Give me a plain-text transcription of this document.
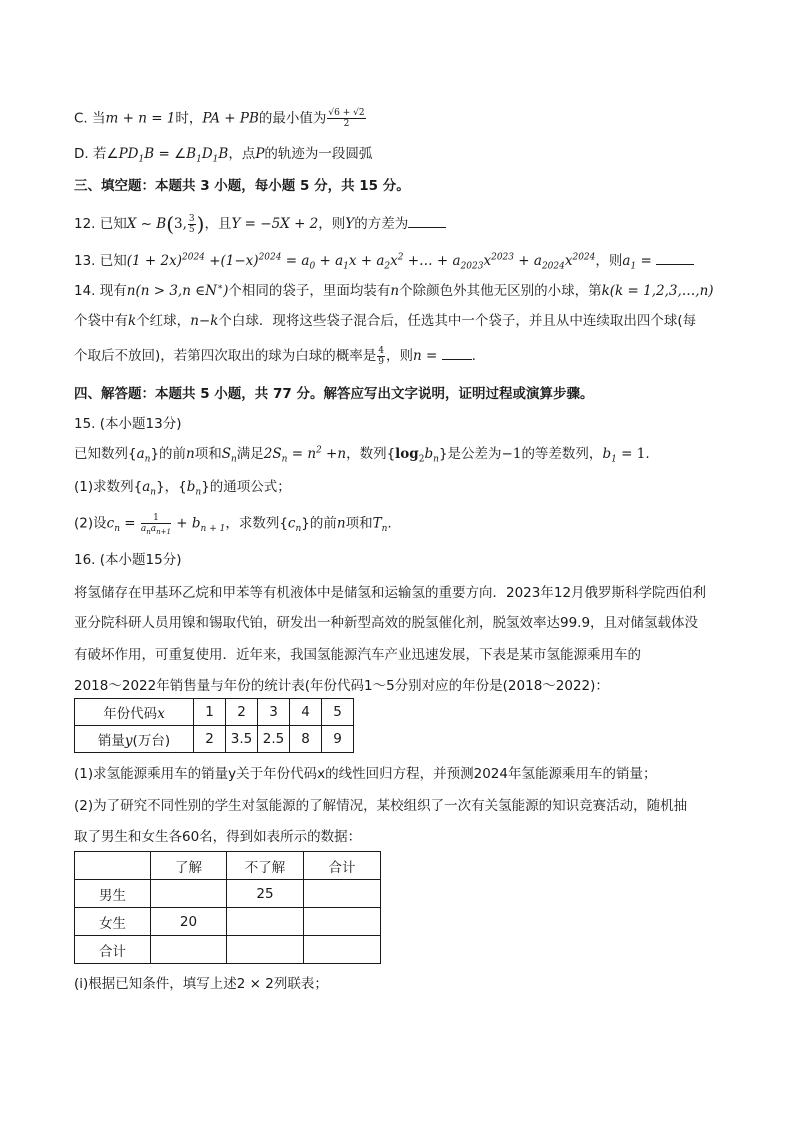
C. 当m + n = 1时，PA + PB的最小值为 $\frac{√6 + √2}{2}$
D. 若$\angle PD_1B$ = $\angle B_1D_1B$，点P的轨迹为一段圆弧
三、填空题：本题共 3 小题，每小题 5 分，共 15 分。
12. 已知X ~ B(3, $\frac{3}{5}$ )，且Y = −5X + 2，则Y的方差为
13. 已知$(1 + 2x)^{2024} +(1-x)^{2024} = a_0 + a_1x + a_2x^2$ +… + $a_{2023}x^{2023} + a_{2024}x^{2024}$，则$a_1$ =
14. 现有n(n > 3,n ∈N∗)个相同的袋子，里面均装有n个除颜色外其他无区别的小球，第k(k = 1,2,3,…,n)
个袋中有k个红球，n−k个白球．现将这些袋子混合后，任选其中一个袋子，并且从中连续取出四个球(每
个取后不放回)，若第四次取出的球为白球的概率是 $\frac{4}{9}$ ，则n = .
四、解答题：本题共 5 小题，共 77 分。解答应写出文字说明，证明过程或演算步骤。
15. (本小题13分)
已知数列$\{a_n\}$的前n项和$S_n$满足$2S_n = n^2 +n$，数列$\{\log_2b_n\}$是公差为−1的等差数列，$b_1 = 1$.
(1)求数列$\{a_n\}$，$\{b_n\}$的通项公式；
(2)设$c_n = \frac{1}{a_na_{n+1}} + b_{n + 1}$，求数列$\{c_n\}$的前n项和$T_n$.
16. (本小题15分)
将氢储存在甲基环乙烷和甲苯等有机液体中是储氢和运输氢的重要方向．2023年12月俄罗斯科学院西伯利
亚分院科研人员用镍和锡取代铂，研发出一种新型高效的脱氢催化剂，脱氢效率达99.9，且对储氢载体没
有破坏作用，可重复使用．近年来，我国氢能源汽车产业迅速发展，下表是某市氢能源乘用车的
2018～2022年销售量与年份的统计表(年份代码1～5分别对应的年份是(2018～2022)：
年份代码x	1	2	3	4	5
销量y(万台)	2	3.5	2.5	8	9
(1)求氢能源乘用车的销量y关于年份代码x的线性回归方程，并预测2024年氢能源乘用车的销量；
(2)为了研究不同性别的学生对氢能源的了解情况，某校组织了一次有关氢能源的知识竞赛活动，随机抽
取了男生和女生各60名，得到如表所示的数据：
	了解	不了解	合计
男生		25	
女生	20		
合计			
(ⅰ)根据已知条件，填写上述2 × 2列联表；
